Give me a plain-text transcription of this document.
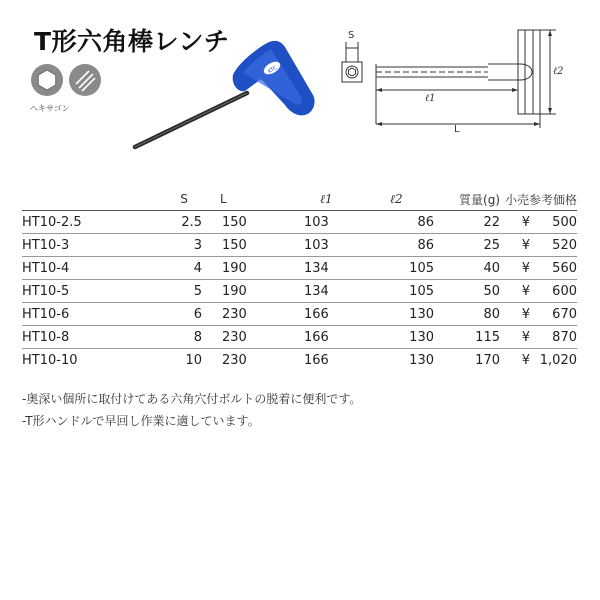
T形六角棒レンチ
ヘキサゴン
KTC
S
ℓ1
ℓ2
L
	S	L	ℓ1	ℓ2	質量(g)	小売参考価格	
HT10-2.5	2.5	150	103	86	22	¥	500
HT10-3	3	150	103	86	25	¥	520
HT10-4	4	190	134	105	40	¥	560
HT10-5	5	190	134	105	50	¥	600
HT10-6	6	230	166	130	80	¥	670
HT10-8	8	230	166	130	115	¥	870
HT10-10	10	230	166	130	170	¥	1,020
-奥深い個所に取付けてある六角穴付ボルトの脱着に便利です。
-T形ハンドルで早回し作業に適しています。
